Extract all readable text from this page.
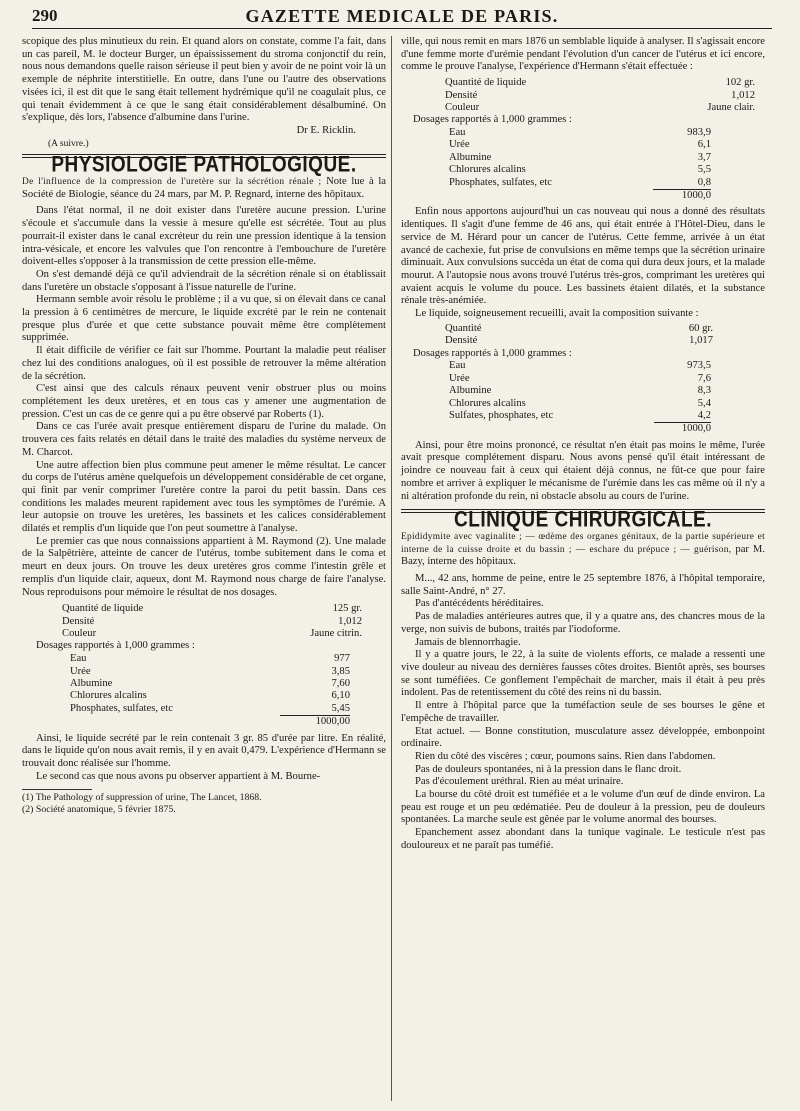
290	GAZETTE MEDICALE DE PARIS.

scopique des plus minutieux du rein. Et quand alors on constate, comme l'a fait, dans un cas pareil, M. le docteur Burger, un épaississement du stroma conjonctif du rein, nous nous demandons quelle raison sérieuse il peut bien y avoir de ne point voir là un exemple de néphrite interstitielle. En outre, dans l'une ou l'autre des observations visées ici, il est dit que le sang était tellement hydrémique qu'il ne coagulait plus, ce qui tenait évidemment à ce que le sang était considérablement désalbuminé. On s'explique, dès lors, l'absence d'albumine dans l'urine.

Dr E. Ricklin.

(A suivre.)

PHYSIOLOGIE PATHOLOGIQUE.

De l'influence de la compression de l'uretère sur la sécrétion rénale ; Note lue à la Société de Biologie, séance du 24 mars, par M. P. Regnard, interne des hôpitaux.

Dans l'état normal, il ne doit exister dans l'uretère aucune pression. L'urine s'écoule et s'accumule dans la vessie à mesure qu'elle est sécrétée. Tout au plus pourrait-il exister dans le canal excréteur du rein une pression identique à la tension intra-vésicale, et encore les valvules que l'on rencontre à l'embouchure de l'uretère doivent-elles s'opposer à la transmission de cette pression elle-même.

On s'est demandé déjà ce qu'il adviendrait de la sécrétion rénale si on établissait dans l'uretère un obstacle s'opposant à l'issue naturelle de l'urine.

Hermann semble avoir résolu le problème ; il a vu que, si on élevait dans ce canal la pression à 6 centimètres de mercure, le liquide excrété par le rein ne contenait presque plus d'urée et que cette substance pouvait même être complètement supprimée.

Il était difficile de vérifier ce fait sur l'homme. Pourtant la maladie peut réaliser chez lui des conditions analogues, où il est possible de retrouver la même altération de la sécrétion.

C'est ainsi que des calculs rénaux peuvent venir obstruer plus ou moins complétement les deux uretères, et en tous cas y amener une augmentation de pression. C'est un cas de ce genre qui a pu être observé par Roberts (1).

Dans ce cas l'urée avait presque entièrement disparu de l'urine du malade. On trouvera ces faits relatés en détail dans le traité des maladies du système nerveux de M. Charcot.

Une autre affection bien plus commune peut amener le même résultat. Le cancer du corps de l'utérus amène quelquefois un développement considérable de cet organe, qui finit par venir comprimer l'uretère contre la paroi du petit bassin. Dans ces conditions les malades meurent rapidement avec tous les symptômes de l'urémie. A leur autopsie on trouve les uretères, les bassinets et les calices considérablement dilatés et remplis d'un liquide que l'on peut soumettre à l'analyse.

Le premier cas que nous connaissions appartient à M. Raymond (2). Une malade de la Salpêtrière, atteinte de cancer de l'utérus, tombe subitement dans le coma et meurt en deux jours. On trouve les deux uretères gros comme l'intestin grêle et remplis d'un liquide clair, aqueux, dont M. Raymond nous charge de faire l'analyse. Nous reproduisons pour mémoire le résultat de nos dosages.

Quantité de liquide	125 gr.
Densité	1,012
Couleur	Jaune citrin.

Dosages rapportés à 1,000 grammes :

Eau	977
Urée	3,85
Albumine	7,60
Chlorures alcalins	6,10
Phosphates, sulfates, etc	5,45
	1000,00

Ainsi, le liquide secrété par le rein contenait 3 gr. 85 d'urée par litre. En réalité, dans le liquide qu'on nous avait remis, il y en avait 0,479. L'expérience d'Hermann se trouvait donc réalisée sur l'homme.

Le second cas que nous avons pu observer appartient à M. Bourne-

(1) The Pathology of suppression of urine, The Lancet, 1868.

(2) Société anatomique, 5 février 1875.

ville, qui nous remit en mars 1876 un semblable liquide à analyser. Il s'agissait encore d'une femme morte d'urémie pendant l'évolution d'un cancer de l'utérus et ici encore, comme le prouve l'analyse, l'expérience d'Hermann s'était effectuée :

Quantité de liquide	102 gr.
Densité	1,012
Couleur	Jaune clair.

Dosages rapportés à 1,000 grammes :

Eau	983,9
Urée	6,1
Albumine	3,7
Chlorures alcalins	5,5
Phosphates, sulfates, etc	0,8
	1000,0

Enfin nous apportons aujourd'hui un cas nouveau qui nous a donné des résultats identiques. Il s'agit d'une femme de 46 ans, qui était entrée à l'Hôtel-Dieu, dans le service de M. Hérard pour un cancer de l'utérus. Cette femme, arrivée à un état avancé de cachexie, fut prise de convulsions en même temps que la sécrétion urinaire diminuait. Aux convulsions succéda un état de coma qui dura deux jours, et la malade mourut. A l'autopsie nous avons trouvé l'utérus très-gros, comprimant les uretères qui avaient acquis le volume du pouce. Les bassinets étaient dilatés, et la substance rénale très-anémiée.

Le liquide, soigneusement recueilli, avait la composition suivante :

Quantité	60 gr.
Densité	1,017

Dosages rapportés à 1,000 grammes :

Eau	973,5
Urée	7,6
Albumine	8,3
Chlorures alcalins	5,4
Sulfates, phosphates, etc	4,2
	1000,0

Ainsi, pour être moins prononcé, ce résultat n'en était pas moins le même, l'urée avait presque complétement disparu. Nous avons pensé qu'il était intéressant de joindre ce nouveau fait à ceux qui étaient déjà connus, ne fût-ce que pour faire nombre et arriver à expliquer le mécanisme de l'urémie dans les cas même où il n'y a ni altération profonde du rein, ni obstacle absolu au cours de l'urine.

CLINIQUE CHIRURGICALE.

Epididymite avec vaginalite ; — œdème des organes génitaux, de la partie supérieure et interne de la cuisse droite et du bassin ; — eschare du prépuce ; — guérison, par M. Bazy, interne des hôpitaux.

M..., 42 ans, homme de peine, entre le 25 septembre 1876, à l'hôpital temporaire, salle Saint-André, n° 27.

Pas d'antécédents héréditaires.

Pas de maladies antérieures autres que, il y a quatre ans, des chancres mous de la verge, non suivis de bubons, traités par l'iodoforme.

Jamais de blennorrhagie.

Il y a quatre jours, le 22, à la suite de violents efforts, ce malade a ressenti une vive douleur au niveau des dernières fausses côtes droites. Bientôt après, ses bourses se sont tuméfiées. Ce gonflement l'empêchait de marcher, mais il était à peu près indolent. Pas de retentissement du côté des reins ni du bassin.

Il entre à l'hôpital parce que la tuméfaction seule de ses bourses le gêne et l'empêche de travailler.

Etat actuel. — Bonne constitution, musculature assez développée, embonpoint ordinaire.

Rien du côté des viscères ; cœur, poumons sains. Rien dans l'abdomen.

Pas de douleurs spontanées, ni à la pression dans le flanc droit.

Pas d'écoulement uréthral. Rien au méat urinaire.

La bourse du côté droit est tuméfiée et a le volume d'un œuf de dinde environ. La peau est rouge et un peu œdématiée. Peu de douleur à la pression, peu de douleurs spontanées. La marche seule est gênée par le volume anormal des bourses.

Epanchement assez abondant dans la tunique vaginale. Le testicule n'est pas douloureux et ne paraît pas tuméfié.
